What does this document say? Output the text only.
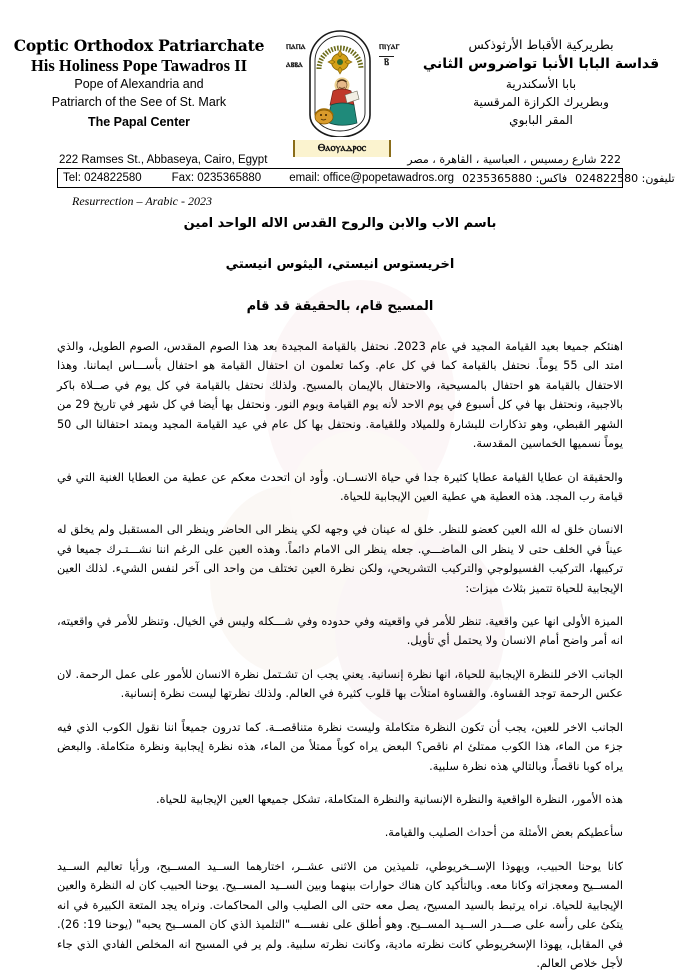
Coptic Orthodox Patriarchate
His Holiness Pope Tawadros II
Pope of Alexandria and
Patriarch of the See of St. Mark
The Papal Center
ⲡⲁⲡⲁ
ⲁⲃⲃⲁ
ⲡⲓⲩⲁⲅ
Ⲃ
Ⲑⲁⲟⲩⲁⲇⲣⲟⲥ
بطريركية الأقباط الأرثوذكس
قداسة البابا الأنبا تواضروس الثاني
بابا الأسكندرية
وبطريرك الكرازة المرقسية
المقر البابوي
222 Ramses St., Abbaseya, Cairo, Egypt	222 شارع رمسيس ، العباسية ، القاهرة ، مصر
Tel: 024822580	Fax: 0235365880 email: office@popetawadros.org فاكس: 0235365880 تليفون: 024822580
Resurrection – Arabic - 2023
باسم الاب والابن والروح القدس الاله الواحد امين
اخريستوس انيستي، اليثوس انيستي
المسيح قام، بالحقيقة قد قام

اهنئكم جميعا بعيد القيامة المجيد في عام 2023. نحتفل بالقيامة المجيدة بعد هذا الصوم المقدس، الصوم الطويل، والذي امتد الى 55 يوماً. نحتفل بالقيامة كما في كل عام. وكما تعلمون ان احتفال القيامة هو احتفال بأســـاس ايماننا. وهذا الاحتفال بالقيامة هو احتفال بالمسيحية، والاحتفال بالإيمان بالمسيح. ولذلك نحتفل بالقيامة في كل يوم في صــلاة باكر بالاجبية، ونحتفل بها في كل أسبوع في يوم الاحد لأنه يوم القيامة ويوم النور. ونحتفل بها أيضا في كل شهر في تاريخ 29 من الشهر القبطي، وهو تذكارات للبشارة وللميلاد وللقيامة. ونحتفل بها كل عام في عيد القيامة المجيد ويمتد احتفالنا الى 50 يوماً نسميها الخماسين المقدسة.

والحقيقة ان عطايا القيامة عطايا كثيرة جدا في حياة الانســان. وأود ان اتحدث معكم عن عطية من العطايا الغنية التي في قيامة رب المجد. هذه العطية هي عطية العين الإيجابية للحياة.

الانسان خلق له الله العين كعضو للنظر. خلق له عينان في وجهه لكي ينظر الى الحاضر وينظر الى المستقبل ولم يخلق له عيناً في الخلف حتى لا ينظر الى الماضـــي. جعله ينظر الى الامام دائماً. وهذه العين على الرغم اننا نشـــتـرك جميعا في تركيبها، التركيب الفسيولوجي والتركيب التشريحي، ولكن نظرة العين تختلف من واحد الى آخر لنفس الشيء. لذلك العين الإيجابية للحياة تتميز بثلاث ميزات:

الميزة الأولى انها عين واقعية. تنظر للأمر في واقعيته وفي حدوده وفي شـــكله وليس في الخيال. وتنظر للأمر في واقعيته، انه أمر واضح أمام الانسان ولا يحتمل أي تأويل.

الجانب الاخر للنظرة الإيجابية للحياة، انها نظرة إنسانية. يعني يجب ان تشـتمل نظرة الانسان للأمور على عمل الرحمة. لان عكس الرحمة توجد القساوة. والقساوة امتلأت بها قلوب كثيرة في العالم. ولذلك نظرتها ليست نظرة إنسانية.

الجانب الاخر للعين، يجب أن تكون النظرة متكاملة وليست نظرة متناقصــة. كما تدرون جميعاً اننا نقول الكوب الذي فيه جزء من الماء، هذا الكوب ممتلئ ام ناقص؟ البعض يراه كوباً ممتلأ من الماء، هذه نظرة إيجابية ونظرة متكاملة. والبعض يراه كوبا ناقصاً، وبالتالي هذه نظرة سلبية.

هذه الأمور، النظرة الواقعية والنظرة الإنسانية والنظرة المتكاملة، تشكل جميعها العين الإيجابية للحياة.

سأعطيكم بعض الأمثلة من أحداث الصليب والقيامة.

كانا يوحنا الحبيب، ويهوذا الإســخريوطي، تلميذين من الاثنى عشــر، اختارهما الســيد المســيح، ورأيا تعاليم الســيد المســيح ومعجزاته وكانا معه. وبالتأكيد كان هناك حوارات بينهما وبين الســيد المســيح. يوحنا الحبيب كان له النظرة والعين الإيجابية للحياة. نراه يرتبط بالسيد المسيح، يصل معه حتى الى الصليب والى المحاكمات. ونراه يجد المتعة الكبيرة في انه يتكئ على رأسه على صـــدر الســيد المســيح. وهو أطلق على نفســـه "التلميذ الذي كان المســيح يحبه" (يوحنا 19: 26). في المقابل، يهوذا الإسخريوطي كانت نظرته مادية، وكانت نظرته سلبية. ولم ير في المسيح انه المخلص الفادي الذي جاء لأجل خلاص العالم.
